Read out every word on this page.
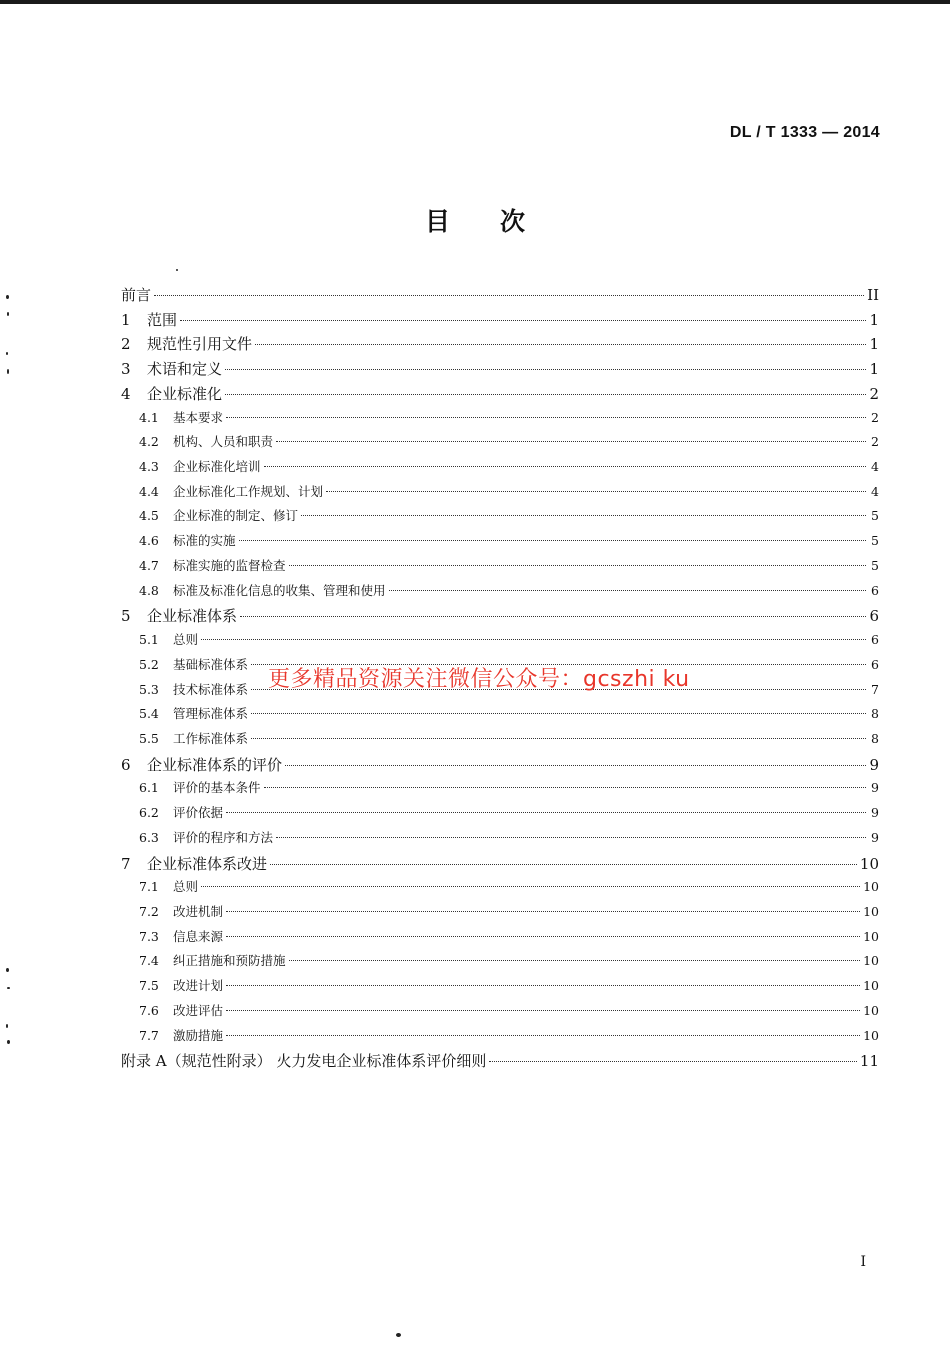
DL / T 1333 — 2014
目次
前言	II
1	范围	1
2	规范性引用文件	1
3	术语和定义	1
4	企业标准化	2
4.1	基本要求	2
4.2	机构、人员和职责	2
4.3	企业标准化培训	4
4.4	企业标准化工作规划、计划	4
4.5	企业标准的制定、修订	5
4.6	标准的实施	5
4.7	标准实施的监督检查	5
4.8	标准及标准化信息的收集、管理和使用	6
5	企业标准体系	6
5.1	总则	6
5.2	基础标准体系	6
5.3	技术标准体系	7
5.4	管理标准体系	8
5.5	工作标准体系	8
6	企业标准体系的评价	9
6.1	评价的基本条件	9
6.2	评价依据	9
6.3	评价的程序和方法	9
7	企业标准体系改进	10
7.1	总则	10
7.2	改进机制	10
7.3	信息来源	10
7.4	纠正措施和预防措施	10
7.5	改进计划	10
7.6	改进评估	10
7.7	激励措施	10
附录 A（规范性附录） 火力发电企业标准体系评价细则	11
更多精品资源关注微信公众号：gcszhi ku
I
